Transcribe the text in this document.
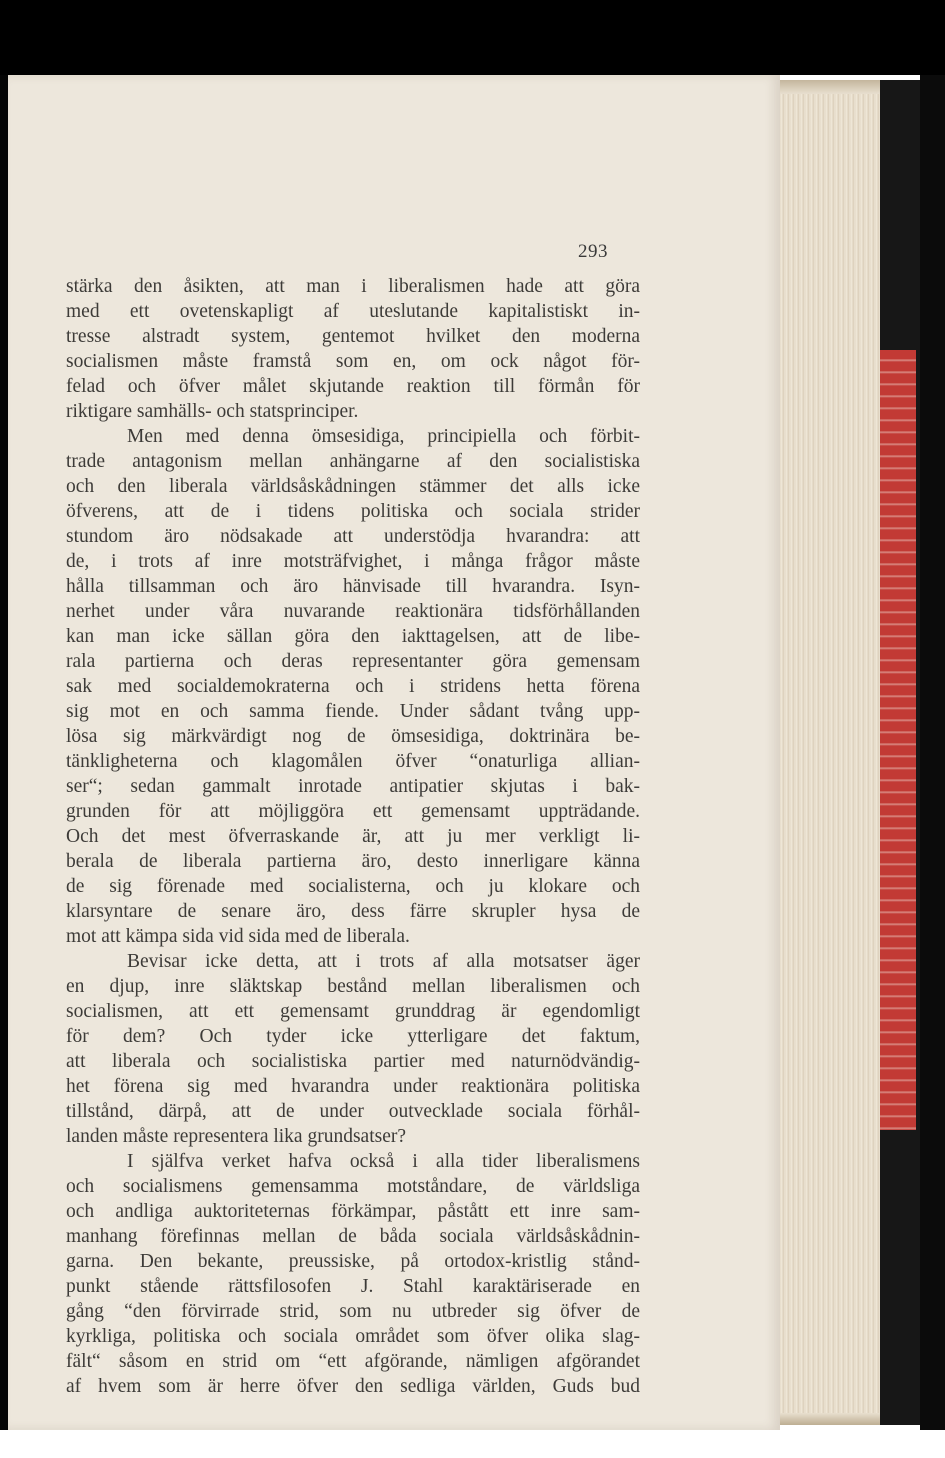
293
stärka den åsikten, att man i liberalismen hade att göra
med ett ovetenskapligt af uteslutande kapitalistiskt in-
tresse alstradt system, gentemot hvilket den moderna
socialismen måste framstå som en, om ock något för-
felad och öfver målet skjutande reaktion till förmån för
riktigare samhälls- och statsprinciper.
Men med denna ömsesidiga, principiella och förbit-
trade antagonism mellan anhängarne af den socialistiska
och den liberala världsåskådningen stämmer det alls icke
öfverens, att de i tidens politiska och sociala strider
stundom äro nödsakade att understödja hvarandra: att
de, i trots af inre motsträfvighet, i många frågor måste
hålla tillsamman och äro hänvisade till hvarandra. Isyn-
nerhet under våra nuvarande reaktionära tidsförhållanden
kan man icke sällan göra den iakttagelsen, att de libe-
rala partierna och deras representanter göra gemensam
sak med socialdemokraterna och i stridens hetta förena
sig mot en och samma fiende. Under sådant tvång upp-
lösa sig märkvärdigt nog de ömsesidiga, doktrinära be-
tänkligheterna och klagomålen öfver “onaturliga allian-
ser“; sedan gammalt inrotade antipatier skjutas i bak-
grunden för att möjliggöra ett gemensamt uppträdande.
Och det mest öfverraskande är, att ju mer verkligt li-
berala de liberala partierna äro, desto innerligare känna
de sig förenade med socialisterna, och ju klokare och
klarsyntare de senare äro, dess färre skrupler hysa de
mot att kämpa sida vid sida med de liberala.
Bevisar icke detta, att i trots af alla motsatser äger
en djup, inre släktskap bestånd mellan liberalismen och
socialismen, att ett gemensamt grunddrag är egendomligt
för dem? Och tyder icke ytterligare det faktum,
att liberala och socialistiska partier med naturnödvändig-
het förena sig med hvarandra under reaktionära politiska
tillstånd, därpå, att de under outvecklade sociala förhål-
landen måste representera lika grundsatser?
I själfva verket hafva också i alla tider liberalismens
och socialismens gemensamma motståndare, de världsliga
och andliga auktoriteternas förkämpar, påstått ett inre sam-
manhang förefinnas mellan de båda sociala världsåskådnin-
garna. Den bekante, preussiske, på ortodox-kristlig stånd-
punkt stående rättsfilosofen J. Stahl karaktäriserade en
gång “den förvirrade strid, som nu utbreder sig öfver de
kyrkliga, politiska och sociala området som öfver olika slag-
fält“ såsom en strid om “ett afgörande, nämligen afgörandet
af hvem som är herre öfver den sedliga världen, Guds bud
